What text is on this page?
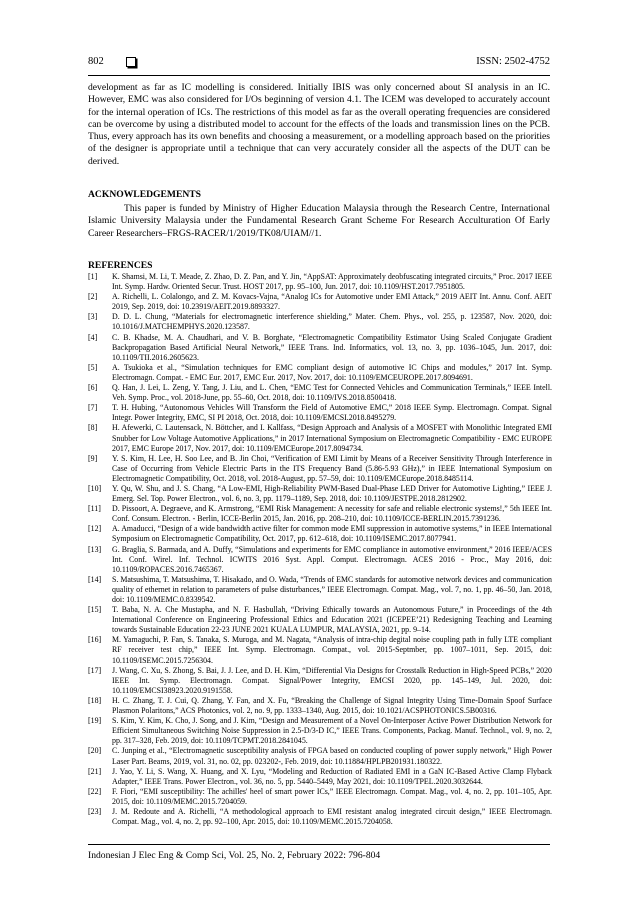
802	ISSN: 2502-4752
development as far as IC modelling is considered. Initially IBIS was only concerned about SI analysis in an IC. However, EMC was also considered for I/Os beginning of version 4.1. The ICEM was developed to accurately account for the internal operation of ICs. The restrictions of this model as far as the overall operating frequencies are considered can be overcome by using a distributed model to account for the effects of the loads and transmission lines on the PCB. Thus, every approach has its own benefits and choosing a measurement, or a modelling approach based on the priorities of the designer is appropriate until a technique that can very accurately consider all the aspects of the DUT can be derived.
ACKNOWLEDGEMENTS
This paper is funded by Ministry of Higher Education Malaysia through the Research Centre, International Islamic University Malaysia under the Fundamental Research Grant Scheme For Research Acculturation Of Early Career Researchers–FRGS-RACER/1/2019/TK08/UIAM//1.
REFERENCES
[1] K. Shamsi, M. Li, T. Meade, Z. Zhao, D. Z. Pan, and Y. Jin, “AppSAT: Approximately deobfuscating integrated circuits,” Proc. 2017 IEEE Int. Symp. Hardw. Oriented Secur. Trust. HOST 2017, pp. 95–100, Jun. 2017, doi: 10.1109/HST.2017.7951805.
[2] A. Richelli, L. Colalongo, and Z. M. Kovacs-Vajna, “Analog ICs for Automotive under EMI Attack,” 2019 AEIT Int. Annu. Conf. AEIT 2019, Sep. 2019, doi: 10.23919/AEIT.2019.8893327.
[3] D. D. L. Chung, “Materials for electromagnetic interference shielding,” Mater. Chem. Phys., vol. 255, p. 123587, Nov. 2020, doi: 10.1016/J.MATCHEMPHYS.2020.123587.
[4] C. B. Khadse, M. A. Chaudhari, and V. B. Borghate, “Electromagnetic Compatibility Estimator Using Scaled Conjugate Gradient Backpropagation Based Artificial Neural Network,” IEEE Trans. Ind. Informatics, vol. 13, no. 3, pp. 1036–1045, Jun. 2017, doi: 10.1109/TII.2016.2605623.
[5] A. Tsukioka et al., “Simulation techniques for EMC compliant design of automotive IC Chips and modules,” 2017 Int. Symp. Electromagn. Compat. - EMC Eur. 2017, EMC Eur. 2017, Nov. 2017, doi: 10.1109/EMCEUROPE.2017.8094691.
[6] Q. Han, J. Lei, L. Zeng, Y. Tang, J. Liu, and L. Chen, “EMC Test for Connected Vehicles and Communication Terminals,” IEEE Intell. Veh. Symp. Proc., vol. 2018-June, pp. 55–60, Oct. 2018, doi: 10.1109/IVS.2018.8500418.
[7] T. H. Hubing, “Autonomous Vehicles Will Transform the Field of Automotive EMC,” 2018 IEEE Symp. Electromagn. Compat. Signal Integr. Power Integrity, EMC, SI PI 2018, Oct. 2018, doi: 10.1109/EMCSI.2018.8495279.
[8] H. Afewerki, C. Lautensack, N. Böttcher, and I. Kallfass, “Design Approach and Analysis of a MOSFET with Monolithic Integrated EMI Snubber for Low Voltage Automotive Applications,” in 2017 International Symposium on Electromagnetic Compatibility - EMC EUROPE 2017, EMC Europe 2017, Nov. 2017, doi: 10.1109/EMCEurope.2017.8094734.
[9] Y. S. Kim, H. Lee, H. Soo Lee, and B. Jin Choi, “Verification of EMI Limit by Means of a Receiver Sensitivity Through Interference in Case of Occurring from Vehicle Electric Parts in the ITS Frequency Band (5.86-5.93 GHz),” in IEEE International Symposium on Electromagnetic Compatibility, Oct. 2018, vol. 2018-August, pp. 57–59, doi: 10.1109/EMCEurope.2018.8485114.
[10] Y. Qu, W. Shu, and J. S. Chang, “A Low-EMI, High-Reliability PWM-Based Dual-Phase LED Driver for Automotive Lighting,” IEEE J. Emerg. Sel. Top. Power Electron., vol. 6, no. 3, pp. 1179–1189, Sep. 2018, doi: 10.1109/JESTPE.2018.2812902.
[11] D. Pissoort, A. Degraeve, and K. Armstrong, “EMI Risk Management: A necessity for safe and reliable electronic systems!,” 5th IEEE Int. Conf. Consum. Electron. - Berlin, ICCE-Berlin 2015, Jan. 2016, pp. 208–210, doi: 10.1109/ICCE-BERLIN.2015.7391236.
[12] A. Amaducci, “Design of a wide bandwidth active filter for common mode EMI suppression in automotive systems,” in IEEE International Symposium on Electromagnetic Compatibility, Oct. 2017, pp. 612–618, doi: 10.1109/ISEMC.2017.8077941.
[13] G. Braglia, S. Barmada, and A. Duffy, “Simulations and experiments for EMC compliance in automotive environment,” 2016 IEEE/ACES Int. Conf. Wirel. Inf. Technol. ICWITS 2016 Syst. Appl. Comput. Electromagn. ACES 2016 - Proc., May 2016, doi: 10.1109/ROPACES.2016.7465367.
[14] S. Matsushima, T. Matsushima, T. Hisakado, and O. Wada, “Trends of EMC standards for automotive network devices and communication quality of ethernet in relation to parameters of pulse disturbances,” IEEE Electromagn. Compat. Mag., vol. 7, no. 1, pp. 46–50, Jan. 2018, doi: 10.1109/MEMC.0.8339542.
[15] T. Baba, N. A. Che Mustapha, and N. F. Hasbullah, “Driving Ethically towards an Autonomous Future,” in Proceedings of the 4th International Conference on Engineering Professional Ethics and Education 2021 (ICEPEE’21) Redesigning Teaching and Learning towards Sustainable Education 22-23 JUNE 2021 KUALA LUMPUR, MALAYSIA, 2021, pp. 9–14.
[16] M. Yamaguchi, P. Fan, S. Tanaka, S. Muroga, and M. Nagata, “Analysis of intra-chip degital noise coupling path in fully LTE compliant RF receiver test chip,” IEEE Int. Symp. Electromagn. Compat., vol. 2015-Septmber, pp. 1007–1011, Sep. 2015, doi: 10.1109/ISEMC.2015.7256304.
[17] J. Wang, C. Xu, S. Zhong, S. Bai, J. J. Lee, and D. H. Kim, “Differential Via Designs for Crosstalk Reduction in High-Speed PCBs,” 2020 IEEE Int. Symp. Electromagn. Compat. Signal/Power Integrity, EMCSI 2020, pp. 145–149, Jul. 2020, doi: 10.1109/EMCSI38923.2020.9191558.
[18] H. C. Zhang, T. J. Cui, Q. Zhang, Y. Fan, and X. Fu, “Breaking the Challenge of Signal Integrity Using Time-Domain Spoof Surface Plasmon Polaritons,” ACS Photonics, vol. 2, no. 9, pp. 1333–1340, Aug. 2015, doi: 10.1021/ACSPHOTONICS.5B00316.
[19] S. Kim, Y. Kim, K. Cho, J. Song, and J. Kim, “Design and Measurement of a Novel On-Interposer Active Power Distribution Network for Efficient Simultaneous Switching Noise Suppression in 2.5-D/3-D IC,” IEEE Trans. Components, Packag. Manuf. Technol., vol. 9, no. 2, pp. 317–328, Feb. 2019, doi: 10.1109/TCPMT.2018.2841045.
[20] C. Junping et al., “Electromagnetic susceptibility analysis of FPGA based on conducted coupling of power supply network,” High Power Laser Part. Beams, 2019, vol. 31, no. 02, pp. 023202-, Feb. 2019, doi: 10.11884/HPLPB201931.180322.
[21] J. Yao, Y. Li, S. Wang, X. Huang, and X. Lyu, “Modeling and Reduction of Radiated EMI in a GaN IC-Based Active Clamp Flyback Adapter,” IEEE Trans. Power Electron., vol. 36, no. 5, pp. 5440–5449, May 2021, doi: 10.1109/TPEL.2020.3032644.
[22] F. Fiori, “EMI susceptibility: The achilles' heel of smart power ICs,” IEEE Electromagn. Compat. Mag., vol. 4, no. 2, pp. 101–105, Apr. 2015, doi: 10.1109/MEMC.2015.7204059.
[23] J. M. Redoute and A. Richelli, “A methodological approach to EMI resistant analog integrated circuit design,” IEEE Electromagn. Compat. Mag., vol. 4, no. 2, pp. 92–100, Apr. 2015, doi: 10.1109/MEMC.2015.7204058.
Indonesian J Elec Eng & Comp Sci, Vol. 25, No. 2, February 2022: 796-804
